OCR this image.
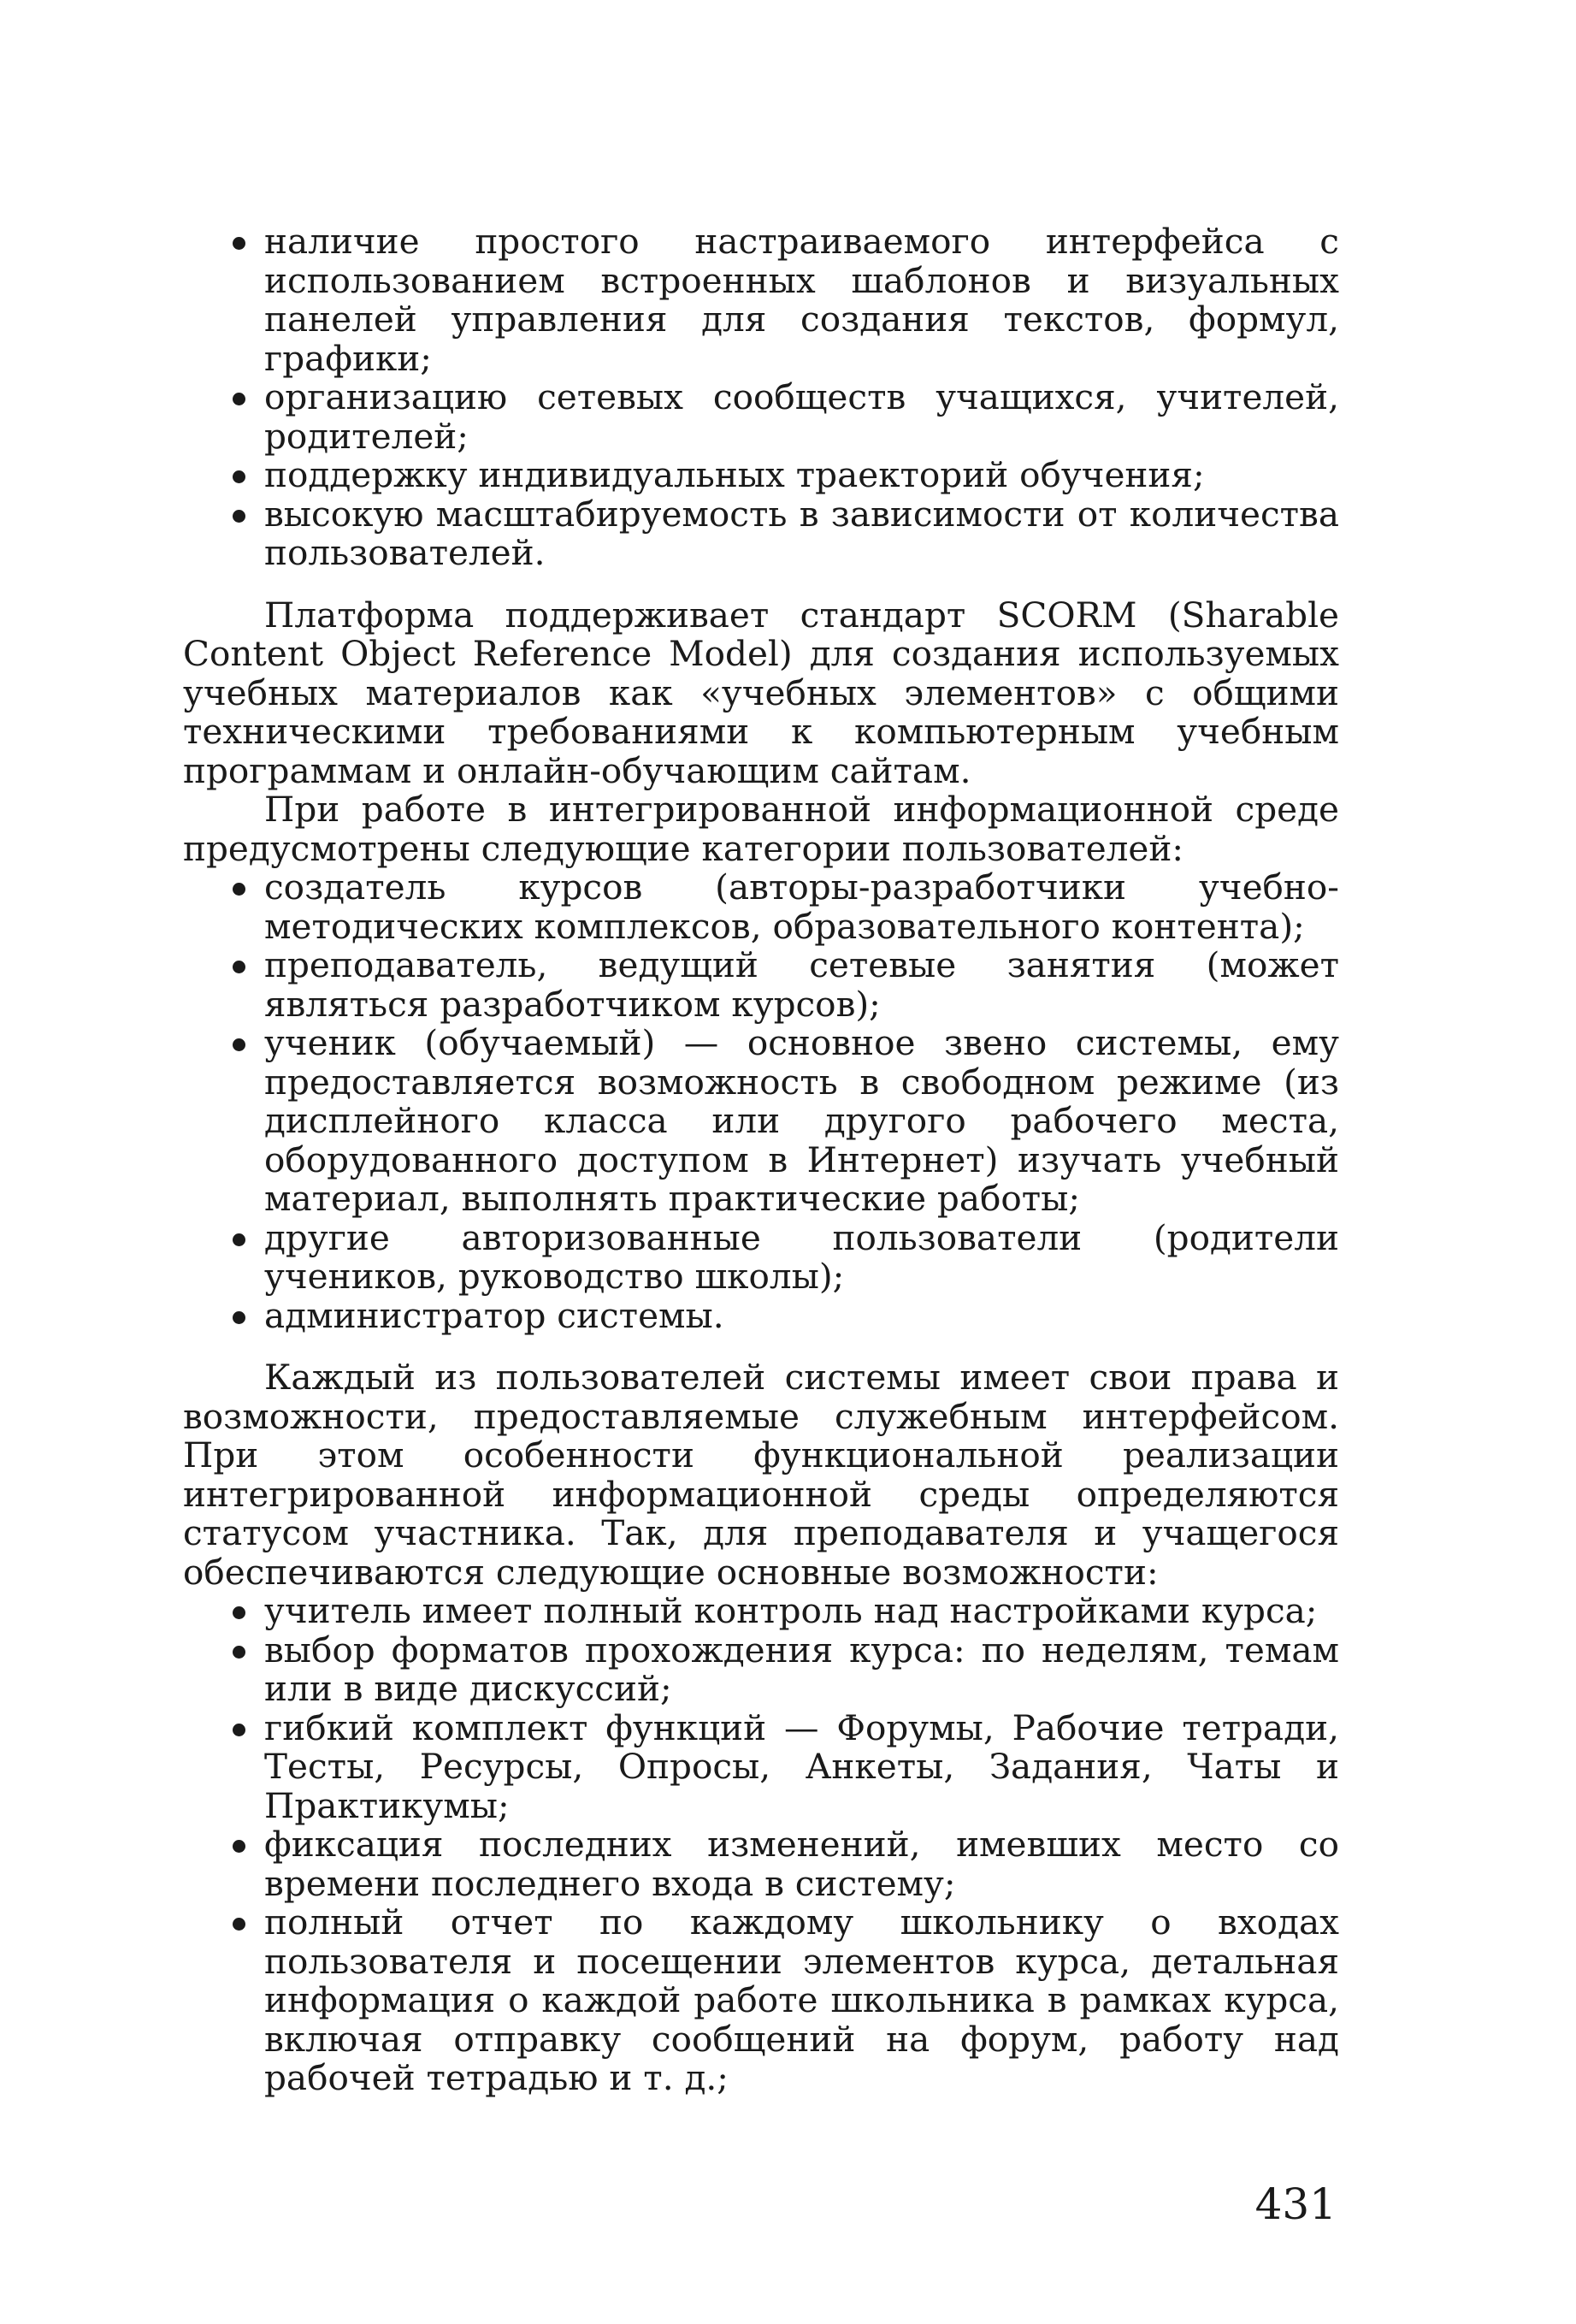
наличие простого настраиваемого интерфейса с использованием встроенных шаблонов и визуальных панелей управления для создания текстов, формул, графики;
организацию сетевых сообществ учащихся, учителей, родителей;
поддержку индивидуальных траекторий обучения;
высокую масштабируемость в зависимости от количества пользователей.

Платформа поддерживает стандарт SCORM (Sharable Content Object Reference Model) для создания используемых учебных материалов как «учебных элементов» с общими техническими требованиями к компьютерным учебным программам и онлайн-обучающим сайтам.

При работе в интегрированной информационной среде предусмотрены следующие категории пользователей:

создатель курсов (авторы-разработчики учебно-методических комплексов, образовательного контента);
преподаватель, ведущий сетевые занятия (может являться разработчиком курсов);
ученик (обучаемый) — основное звено системы, ему предоставляется возможность в свободном режиме (из дисплейного класса или другого рабочего места, оборудованного доступом в Интернет) изучать учебный материал, выполнять практические работы;
другие авторизованные пользователи (родители учеников, руководство школы);
администратор системы.

Каждый из пользователей системы имеет свои права и возможности, предоставляемые служебным интерфейсом. При этом особенности функциональной реализации интегрированной информационной среды определяются статусом участника. Так, для преподавателя и учащегося обеспечиваются следующие основные возможности:

учитель имеет полный контроль над настройками курса;
выбор форматов прохождения курса: по неделям, темам или в виде дискуссий;
гибкий комплект функций — Форумы, Рабочие тетради, Тесты, Ресурсы, Опросы, Анкеты, Задания, Чаты и Практикумы;
фиксация последних изменений, имевших место со времени последнего входа в систему;
полный отчет по каждому школьнику о входах пользователя и посещении элементов курса, детальная информация о каждой работе школьника в рамках курса, включая отправку сообщений на форум, работу над рабочей тетрадью и т. д.;
431
